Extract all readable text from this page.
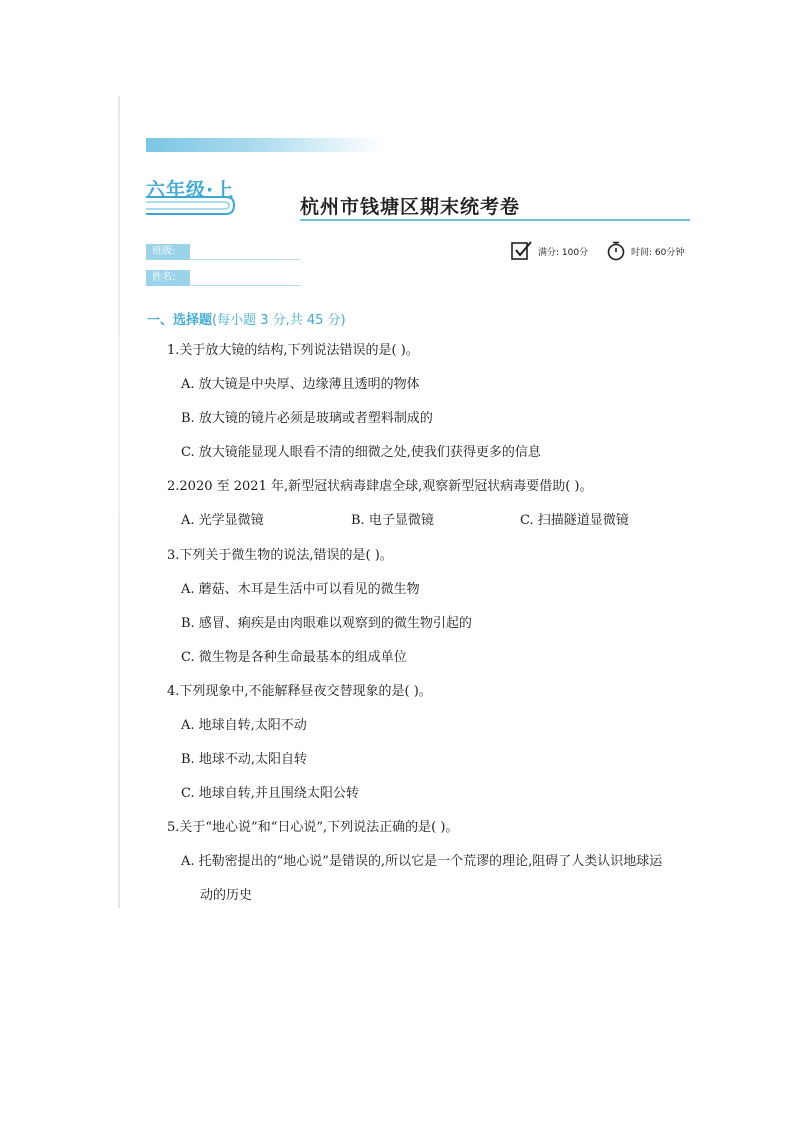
六年级·上
杭州市钱塘区期末统考卷
班级:
姓名:
满分: 100分	时间: 60分钟
一、选择题(每小题 3 分,共 45 分)
1.关于放大镜的结构,下列说法错误的是( )。
A. 放大镜是中央厚、边缘薄且透明的物体
B. 放大镜的镜片必须是玻璃或者塑料制成的
C. 放大镜能显现人眼看不清的细微之处,使我们获得更多的信息
2.2020 至 2021 年,新型冠状病毒肆虐全球,观察新型冠状病毒要借助( )。
A. 光学显微镜	B. 电子显微镜	C. 扫描隧道显微镜
3.下列关于微生物的说法,错误的是( )。
A. 蘑菇、木耳是生活中可以看见的微生物
B. 感冒、痢疾是由肉眼难以观察到的微生物引起的
C. 微生物是各种生命最基本的组成单位
4.下列现象中,不能解释昼夜交替现象的是( )。
A. 地球自转,太阳不动
B. 地球不动,太阳自转
C. 地球自转,并且围绕太阳公转
5.关于“地心说”和“日心说”,下列说法正确的是( )。
A. 托勒密提出的“地心说”是错误的,所以它是一个荒谬的理论,阻碍了人类认识地球运
动的历史
